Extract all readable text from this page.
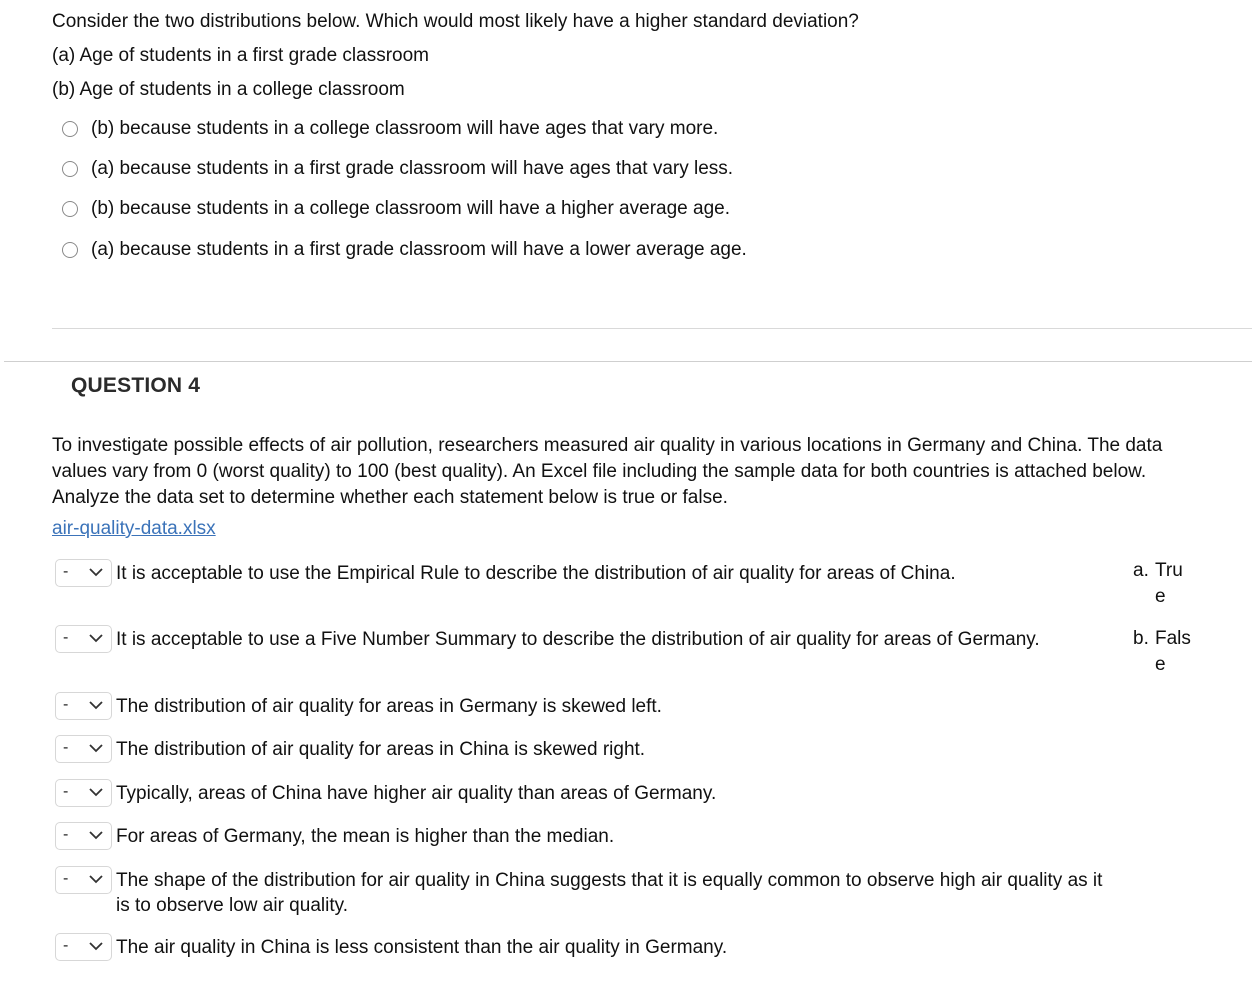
Consider the two distributions below. Which would most likely have a higher standard deviation?
(a) Age of students in a first grade classroom
(b) Age of students in a college classroom
(b) because students in a college classroom will have ages that vary more.
(a) because students in a first grade classroom will have ages that vary less.
(b) because students in a college classroom will have a higher average age.
(a) because students in a first grade classroom will have a lower average age.
QUESTION 4
To investigate possible effects of air pollution, researchers measured air quality in various locations in Germany and China. The data values vary from 0 (worst quality) to 100 (best quality). An Excel file including the sample data for both countries is attached below. Analyze the data set to determine whether each statement below is true or false.
air-quality-data.xlsx
-	It is acceptable to use the Empirical Rule to describe the distribution of air quality for areas of China.
-	It is acceptable to use a Five Number Summary to describe the distribution of air quality for areas of Germany.
-	The distribution of air quality for areas in Germany is skewed left.
-	The distribution of air quality for areas in China is skewed right.
-	Typically, areas of China have higher air quality than areas of Germany.
-	For areas of Germany, the mean is higher than the median.
-	The shape of the distribution for air quality in China suggests that it is equally common to observe high air quality as it is to observe low air quality.
-	The air quality in China is less consistent than the air quality in Germany.
a. True
b. False
